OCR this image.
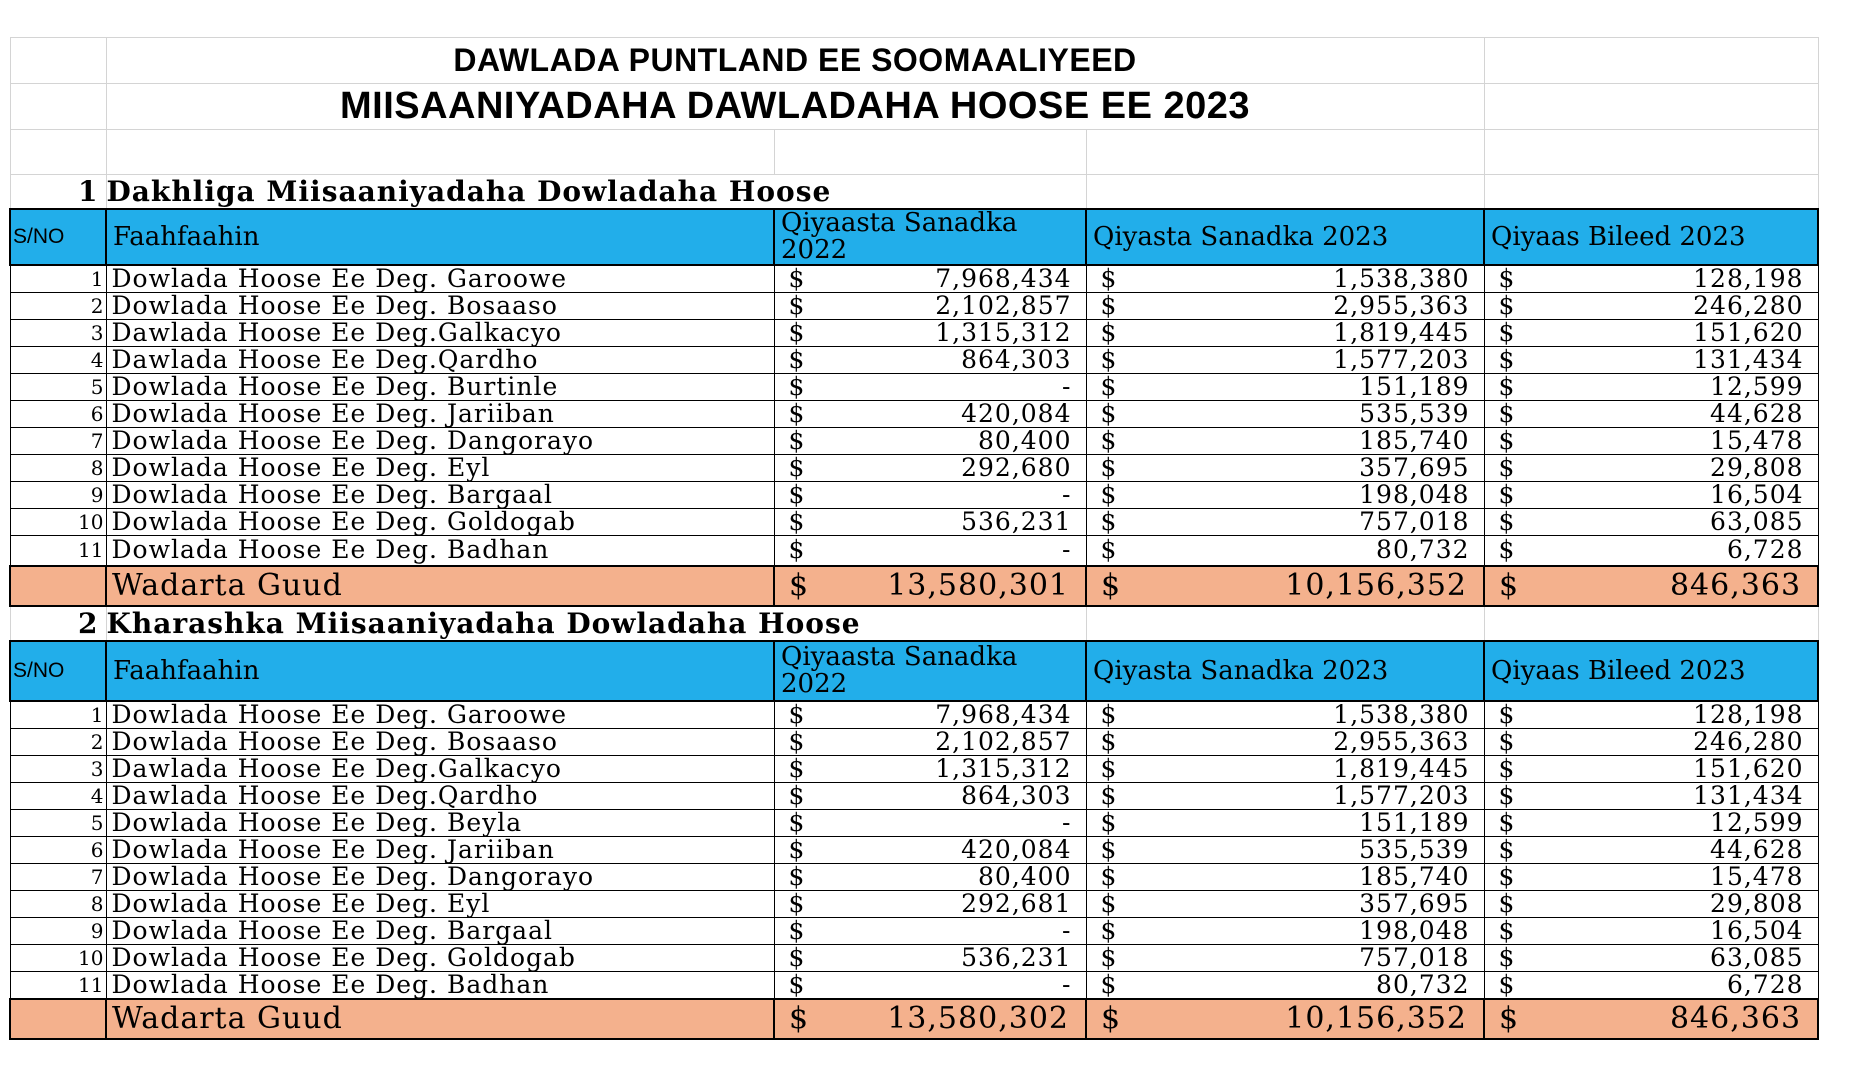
	DAWLADA PUNTLAND EE SOOMAALIYEED			
	MIISAANIYADAHA DAWLADAHA HOOSE EE 2023			

1	Dakhliga Miisaaniyadaha Dowladaha Hoose			
S/NO	Faahfaahin	Qiyaasta Sanadka 2022	Qiyasta Sanadka 2023	Qiyaas Bileed 2023
1	Dowlada Hoose Ee Deg. Garoowe	$ 7,968,434	$ 1,538,380	$ 128,198

2	Dowlada Hoose Ee Deg. Bosaaso	$ 2,102,857	$ 2,955,363	$ 246,280

3	Dawlada Hoose Ee Deg.Galkacyo	$ 1,315,312	$ 1,819,445	$ 151,620

4	Dawlada Hoose Ee Deg.Qardho	$ 864,303	$ 1,577,203	$ 131,434

5	Dowlada Hoose Ee Deg. Burtinle	$ -	$ 151,189	$ 12,599

6	Dowlada Hoose Ee Deg. Jariiban	$ 420,084	$ 535,539	$ 44,628

7	Dowlada Hoose Ee Deg. Dangorayo	$ 80,400	$ 185,740	$ 15,478

8	Dowlada Hoose Ee Deg. Eyl	$ 292,680	$ 357,695	$ 29,808

9	Dowlada Hoose Ee Deg. Bargaal	$ -	$ 198,048	$ 16,504

10	Dowlada Hoose Ee Deg. Goldogab	$ 536,231	$ 757,018	$ 63,085

11	Dowlada Hoose Ee Deg. Badhan	$ -	$ 80,732	$ 6,728

	Wadarta Guud	$ 13,580,301	$ 10,156,352	$ 846,363

2	Kharashka Miisaaniyadaha Dowladaha Hoose			
S/NO	Faahfaahin	Qiyaasta Sanadka 2022	Qiyasta Sanadka 2023	Qiyaas Bileed 2023
1	Dowlada Hoose Ee Deg. Garoowe	$ 7,968,434	$ 1,538,380	$ 128,198

2	Dowlada Hoose Ee Deg. Bosaaso	$ 2,102,857	$ 2,955,363	$ 246,280

3	Dawlada Hoose Ee Deg.Galkacyo	$ 1,315,312	$ 1,819,445	$ 151,620

4	Dawlada Hoose Ee Deg.Qardho	$ 864,303	$ 1,577,203	$ 131,434

5	Dowlada Hoose Ee Deg. Beyla	$ -	$ 151,189	$ 12,599

6	Dowlada Hoose Ee Deg. Jariiban	$ 420,084	$ 535,539	$ 44,628

7	Dowlada Hoose Ee Deg. Dangorayo	$ 80,400	$ 185,740	$ 15,478

8	Dowlada Hoose Ee Deg. Eyl	$ 292,681	$ 357,695	$ 29,808

9	Dowlada Hoose Ee Deg. Bargaal	$ -	$ 198,048	$ 16,504

10	Dowlada Hoose Ee Deg. Goldogab	$ 536,231	$ 757,018	$ 63,085

11	Dowlada Hoose Ee Deg. Badhan	$ -	$ 80,732	$ 6,728

	Wadarta Guud	$ 13,580,302	$ 10,156,352	$ 846,363
